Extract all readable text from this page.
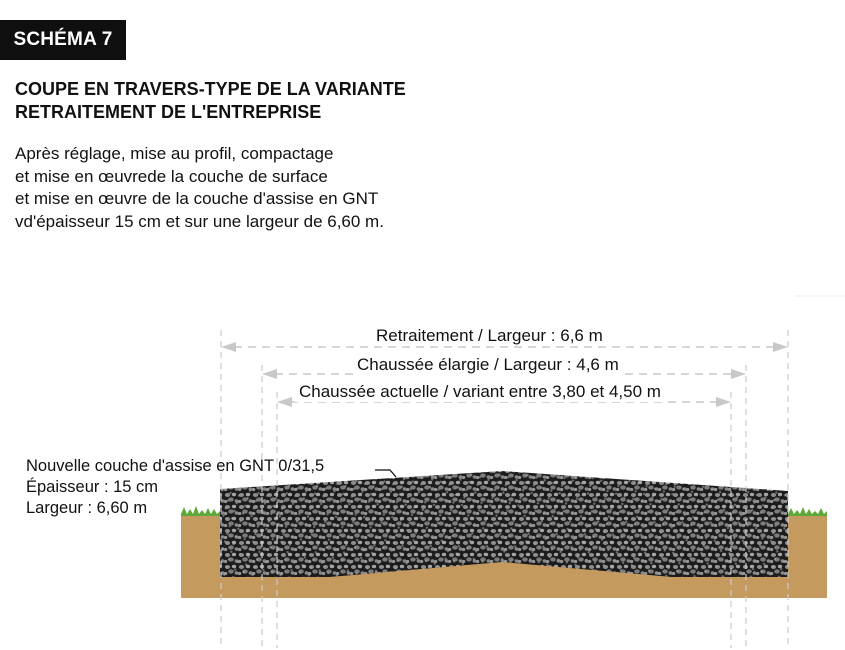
SCHÉMA 7
COUPE EN TRAVERS-TYPE DE LA VARIANTE
RETRAITEMENT DE L'ENTREPRISE
Après réglage, mise au profil, compactage
et mise en œuvrede la couche de surface
et mise en œuvre de la couche d'assise en GNT
vd'épaisseur 15 cm et sur une largeur de 6,60 m.
Retraitement / Largeur : 6,6 m
Chaussée élargie / Largeur : 4,6 m
Chaussée actuelle / variant entre 3,80 et 4,50 m
Nouvelle couche d'assise en GNT 0/31,5
Épaisseur : 15 cm
Largeur : 6,60 m
